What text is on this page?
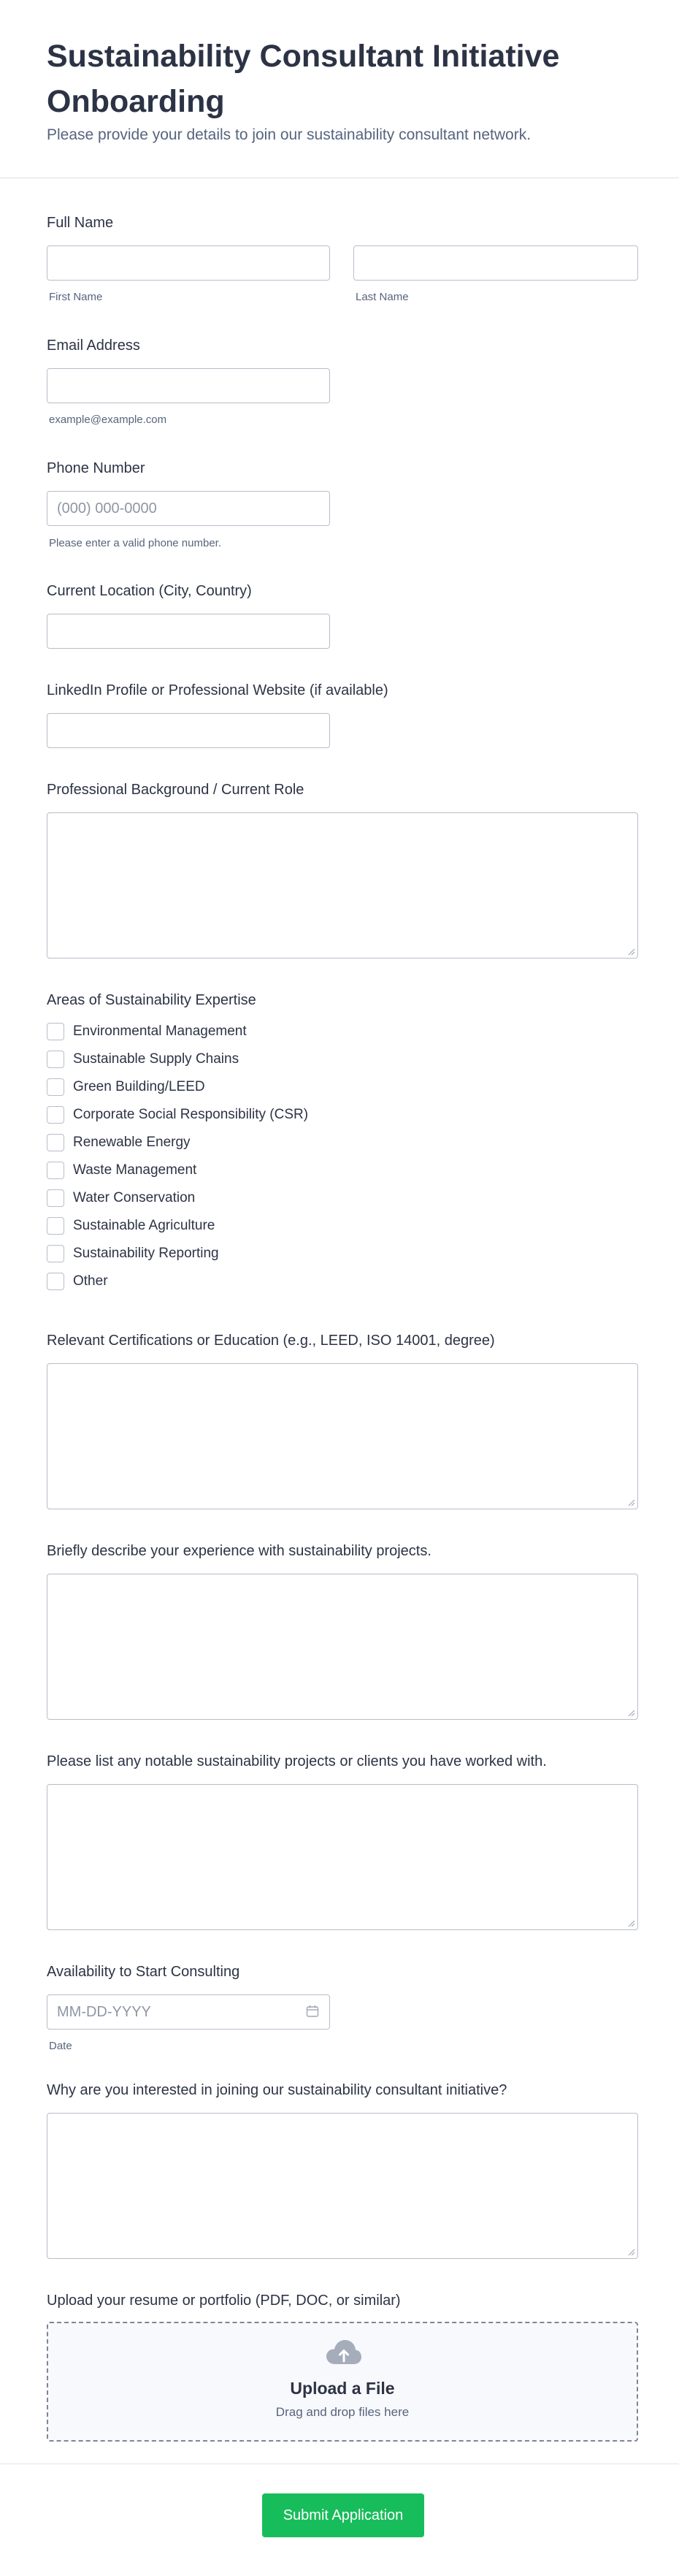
Sustainability Consultant Initiative Onboarding
Please provide your details to join our sustainability consultant network.
Full Name
First Name	Last Name
Email Address
example@example.com
Phone Number
(000) 000-0000
Please enter a valid phone number.
Current Location (City, Country)
LinkedIn Profile or Professional Website (if available)
Professional Background / Current Role
Areas of Sustainability Expertise
Environmental Management
Sustainable Supply Chains
Green Building/LEED
Corporate Social Responsibility (CSR)
Renewable Energy
Waste Management
Water Conservation
Sustainable Agriculture
Sustainability Reporting
Other
Relevant Certifications or Education (e.g., LEED, ISO 14001, degree)
Briefly describe your experience with sustainability projects.
Please list any notable sustainability projects or clients you have worked with.
Availability to Start Consulting
MM-DD-YYYY
Date
Why are you interested in joining our sustainability consultant initiative?
Upload your resume or portfolio (PDF, DOC, or similar)
Upload a File
Drag and drop files here
Submit Application
